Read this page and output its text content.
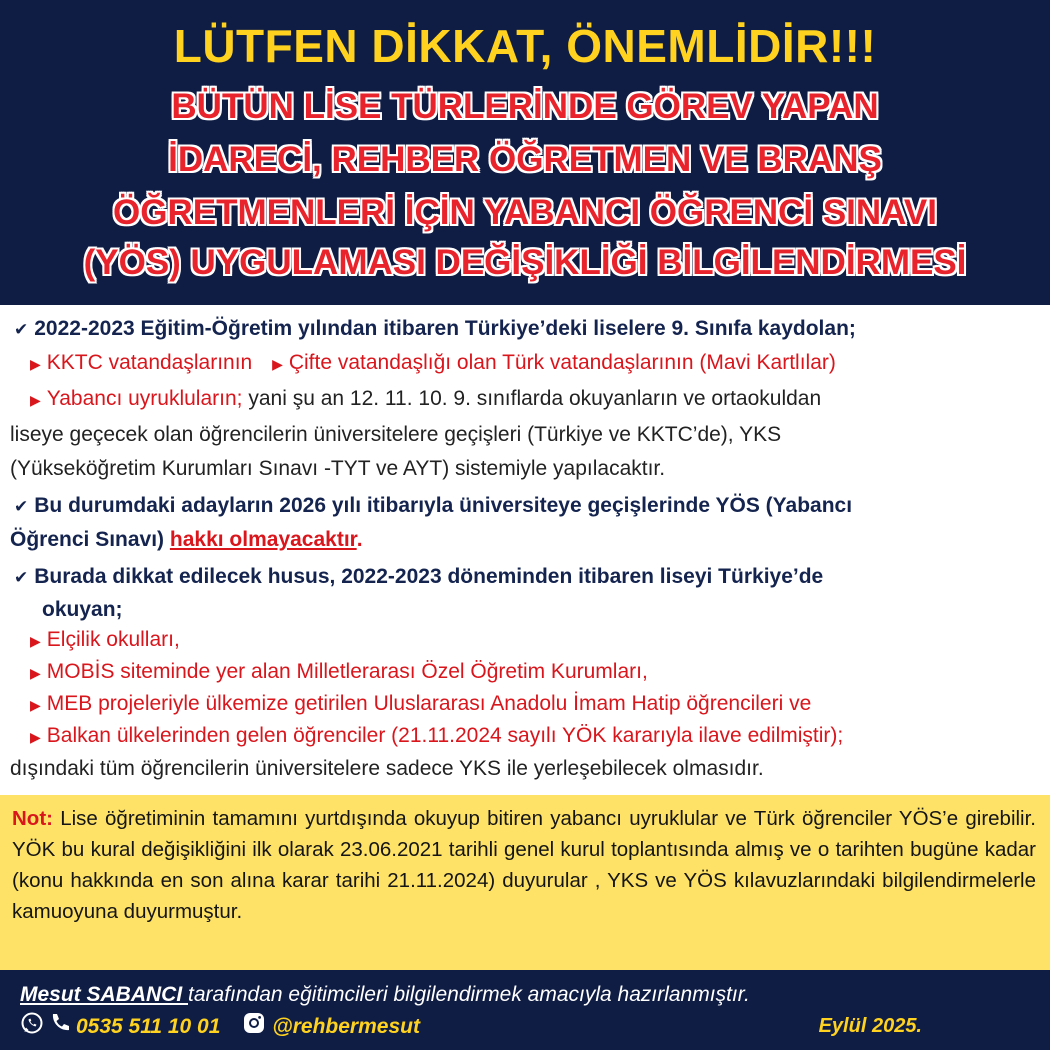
LÜTFEN DİKKAT, ÖNEMLİDİR!!!
BÜTÜN LİSE TÜRLERİNDE GÖREV YAPAN
İDARECİ, REHBER ÖĞRETMEN VE BRANŞ
ÖĞRETMENLERİ İÇİN YABANCI ÖĞRENCİ SINAVI
(YÖS) UYGULAMASI DEĞİŞİKLİĞİ BİLGİLENDİRMESİ
✔ 2022-2023 Eğitim-Öğretim yılından itibaren Türkiye’deki liselere 9. Sınıfa kaydolan;
▶ KKTC vatandaşlarının ▶ Çifte vatandaşlığı olan Türk vatandaşlarının (Mavi Kartlılar)
▶ Yabancı uyrukluların; yani şu an 12. 11. 10. 9. sınıflarda okuyanların ve ortaokuldan
liseye geçecek olan öğrencilerin üniversitelere geçişleri (Türkiye ve KKTC’de), YKS
(Yükseköğretim Kurumları Sınavı -TYT ve AYT) sistemiyle yapılacaktır.
✔ Bu durumdaki adayların 2026 yılı itibarıyla üniversiteye geçişlerinde YÖS (Yabancı
Öğrenci Sınavı) hakkı olmayacaktır.
✔ Burada dikkat edilecek husus, 2022-2023 döneminden itibaren liseyi Türkiye’de
okuyan;
▶ Elçilik okulları,
▶ MOBİS siteminde yer alan Milletlerarası Özel Öğretim Kurumları,
▶ MEB projeleriyle ülkemize getirilen Uluslararası Anadolu İmam Hatip öğrencileri ve
▶ Balkan ülkelerinden gelen öğrenciler (21.11.2024 sayılı YÖK kararıyla ilave edilmiştir);
dışındaki tüm öğrencilerin üniversitelere sadece YKS ile yerleşebilecek olmasıdır.

Not: Lise öğretiminin tamamını yurtdışında okuyup bitiren yabancı uyruklular ve Türk öğrenciler YÖS’e girebilir. YÖK bu kural değişikliğini ilk olarak 23.06.2021 tarihli genel kurul toplantısında almış ve o tarihten bugüne kadar (konu hakkında en son alına karar tarihi 21.11.2024) duyurular , YKS ve YÖS kılavuzlarındaki bilgilendirmelerle kamuoyuna duyurmuştur.

Mesut SABANCI tarafından eğitimcileri bilgilendirmek amacıyla hazırlanmıştır.
0535 511 10 01 @rehbermesut	Eylül 2025.
